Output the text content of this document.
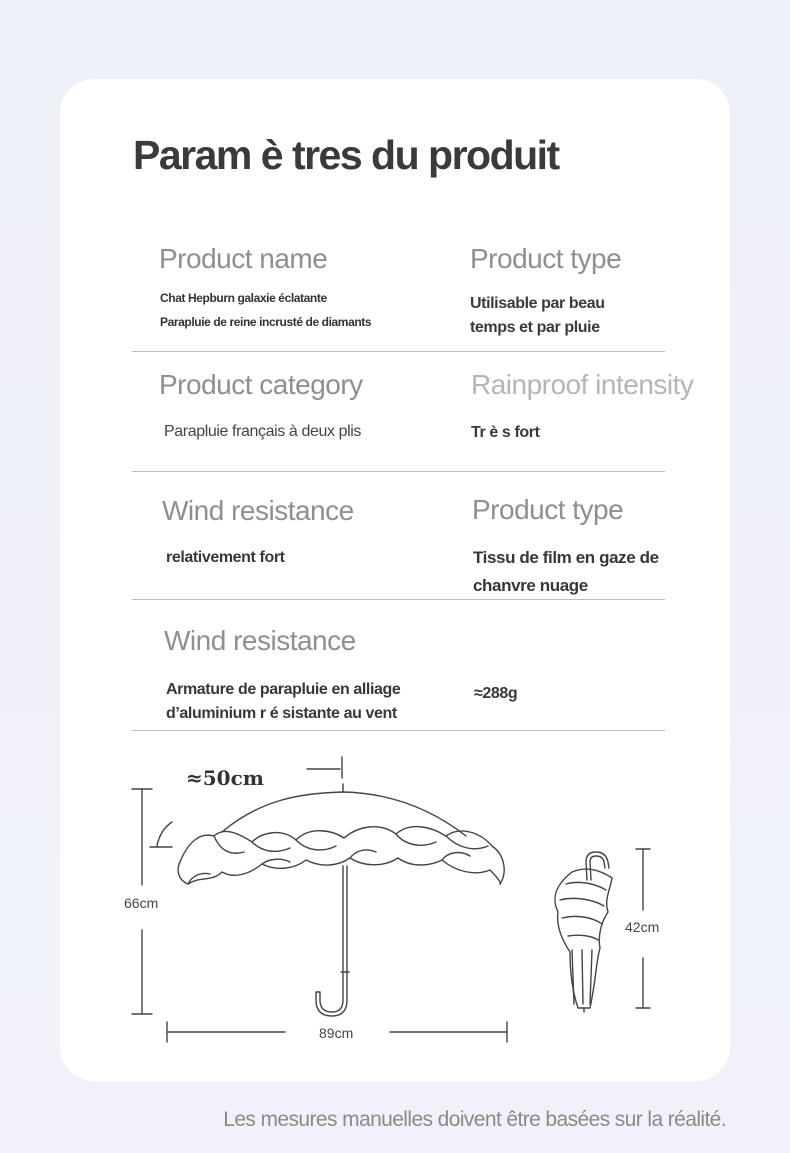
Param è tres du produit
Product name
Chat Hepburn galaxie éclatante
Parapluie de reine incrusté de diamants
Product type
Utilisable par beau
temps et par pluie
Product category
Parapluie français à deux plis
Rainproof intensity
Tr è s fort
Wind resistance
relativement fort
Product type
Tissu de film en gaze de
chanvre nuage
Wind resistance
Armature de parapluie en alliage
d’aluminium r é sistante au vent
≈288g
≈50cm
66cm
89cm
42cm
Les mesures manuelles doivent être basées sur la réalité.
